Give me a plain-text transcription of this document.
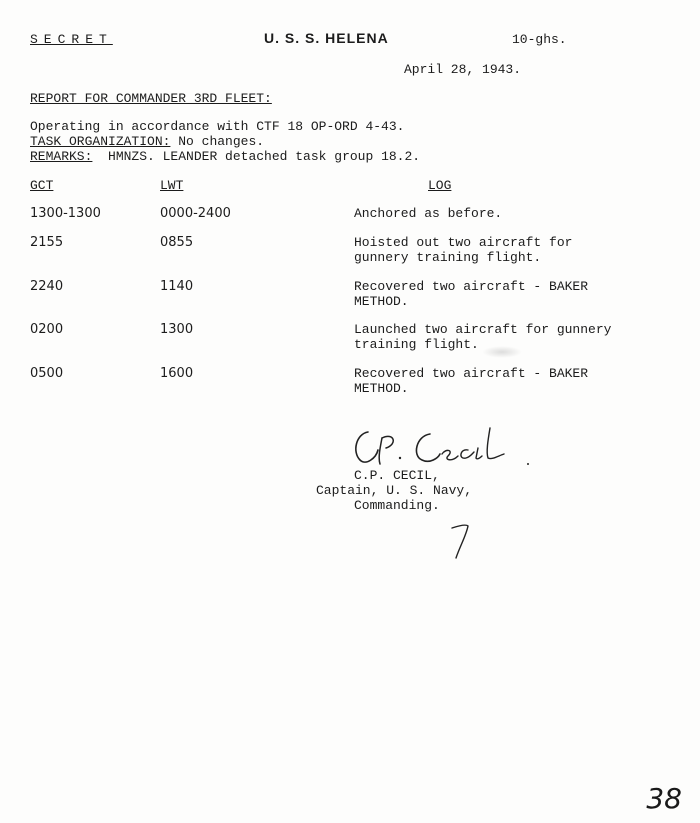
SECRET	U. S. S. HELENA	10-ghs.
April 28, 1943.
REPORT FOR COMMANDER 3RD FLEET:
Operating in accordance with CTF 18 OP-ORD 4-43.
TASK ORGANIZATION: No changes.
REMARKS:  HMNZS. LEANDER detached task group 18.2.
GCT	LWT	LOG
1300-1300	0000-2400	Anchored as before.
2155	0855	Hoisted out two aircraft for
gunnery training flight.
2240	1140	Recovered two aircraft - BAKER
METHOD.
0200	1300	Launched two aircraft for gunnery
training flight.
0500	1600	Recovered two aircraft - BAKER
METHOD.
C.P. CECIL,
Captain, U. S. Navy,
Commanding.
38
